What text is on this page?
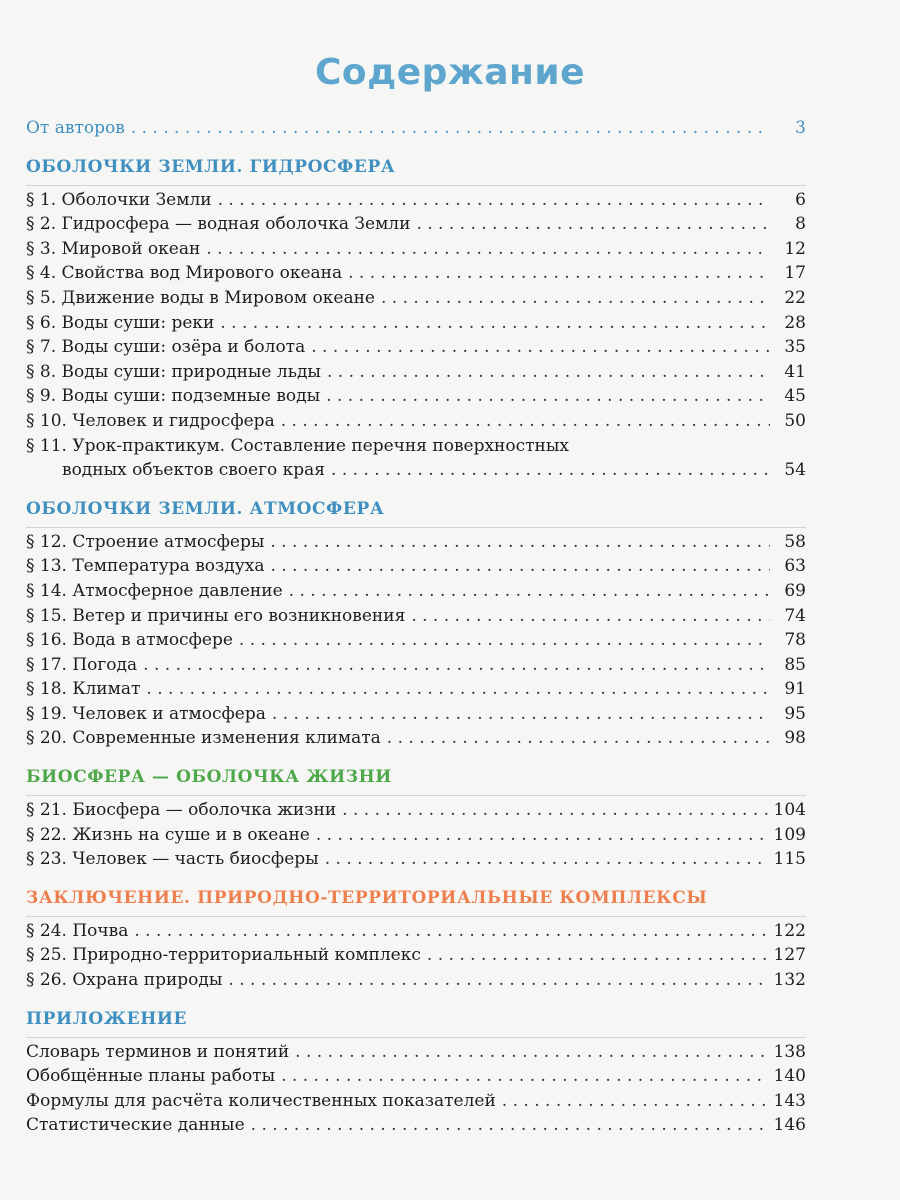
Содержание
От авторов . . .	3
ОБОЛОЧКИ ЗЕМЛИ. ГИДРОСФЕРА
§ 1. Оболочки Земли . . .	6
§ 2. Гидросфера — водная оболочка Земли . . .	8
§ 3. Мировой океан . . .	12
§ 4. Свойства вод Мирового океана . . .	17
§ 5. Движение воды в Мировом океане . . .	22
§ 6. Воды суши: реки . . .	28
§ 7. Воды суши: озёра и болота . . .	35
§ 8. Воды суши: природные льды . . .	41
§ 9. Воды суши: подземные воды . . .	45
§ 10. Человек и гидросфера . . .	50
§ 11. Урок-практикум. Составление перечня поверхностных
водных объектов своего края . . .	54
ОБОЛОЧКИ ЗЕМЛИ. АТМОСФЕРА
§ 12. Строение атмосферы . . .	58
§ 13. Температура воздуха . . .	63
§ 14. Атмосферное давление . . .	69
§ 15. Ветер и причины его возникновения . . .	74
§ 16. Вода в атмосфере . . .	78
§ 17. Погода . . .	85
§ 18. Климат . . .	91
§ 19. Человек и атмосфера . . .	95
§ 20. Современные изменения климата . . .	98
БИОСФЕРА — ОБОЛОЧКА ЖИЗНИ
§ 21. Биосфера — оболочка жизни . . .	104
§ 22. Жизнь на суше и в океане . . .	109
§ 23. Человек — часть биосферы . . .	115
ЗАКЛЮЧЕНИЕ. ПРИРОДНО-ТЕРРИТОРИАЛЬНЫЕ КОМПЛЕКСЫ
§ 24. Почва . . .	122
§ 25. Природно-территориальный комплекс . . .	127
§ 26. Охрана природы . . .	132
ПРИЛОЖЕНИЕ
Словарь терминов и понятий . . .	138
Обобщённые планы работы . . .	140
Формулы для расчёта количественных показателей . . .	143
Статистические данные . . .	146
